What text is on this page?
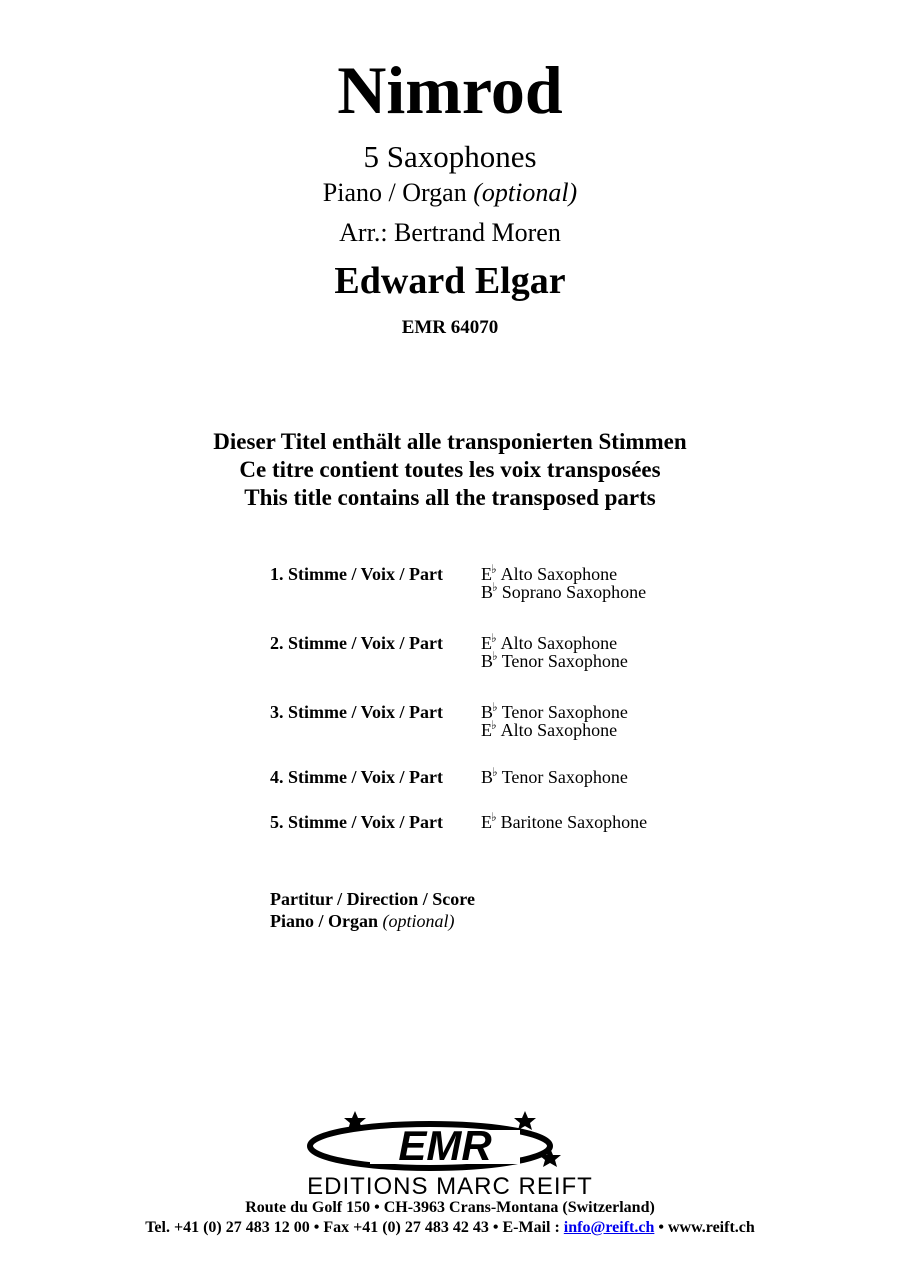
Nimrod
5 Saxophones
Piano / Organ (optional)
Arr.: Bertrand Moren
Edward Elgar
EMR 64070
Dieser Titel enthält alle transponierten Stimmen
Ce titre contient toutes les voix transposées
This title contains all the transposed parts
1. Stimme / Voix / Part E♭ Alto Saxophone
B♭ Soprano Saxophone
2. Stimme / Voix / Part E♭ Alto Saxophone
B♭ Tenor Saxophone
3. Stimme / Voix / Part B♭ Tenor Saxophone
E♭ Alto Saxophone
4. Stimme / Voix / Part B♭ Tenor Saxophone
5. Stimme / Voix / Part E♭ Baritone Saxophone
Partitur / Direction / Score
Piano / Organ (optional)
EMR
EDITIONS MARC REIFT
Route du Golf 150 • CH-3963 Crans-Montana (Switzerland)
Tel. +41 (0) 27 483 12 00 • Fax +41 (0) 27 483 42 43 • E-Mail : info@reift.ch • www.reift.ch
